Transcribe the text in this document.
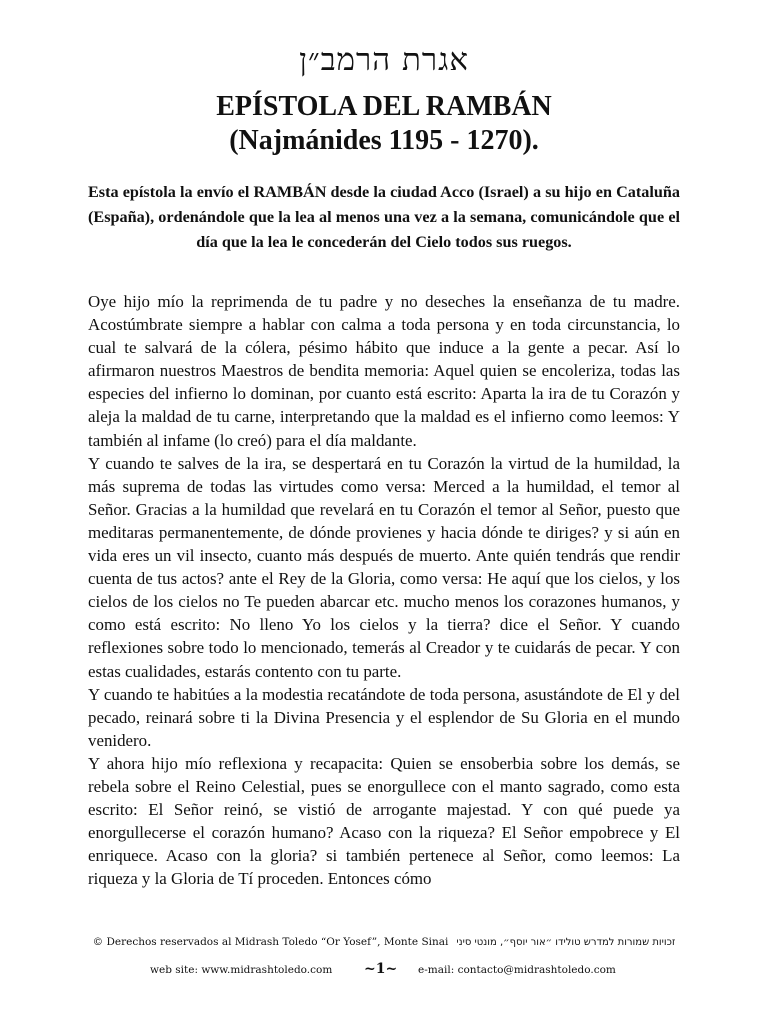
אגרת הרמב״ן
EPÍSTOLA DEL RAMBÁN
(Najmánides 1195 - 1270).

Esta epístola la envío el RAMBÁN desde la ciudad Acco (Israel) a su hijo en Cataluña (España), ordenándole que la lea al menos una vez a la semana, comunicándole que el día que la lea le concederán del Cielo todos sus ruegos.

Oye hijo mío la reprimenda de tu padre y no deseches la enseñanza de tu madre. Acostúmbrate siempre a hablar con calma a toda persona y en toda circunstancia, lo cual te salvará de la cólera, pésimo hábito que induce a la gente a pecar. Así lo afirmaron nuestros Maestros de bendita memoria: Aquel quien se encoleriza, todas las especies del infierno lo dominan, por cuanto está escrito: Aparta la ira de tu Corazón y aleja la maldad de tu carne, interpretando que la maldad es el infierno como leemos: Y también al infame (lo creó) para el día maldante.

Y cuando te salves de la ira, se despertará en tu Corazón la virtud de la humildad, la más suprema de todas las virtudes como versa: Merced a la humildad, el temor al Señor. Gracias a la humildad que revelará en tu Corazón el temor al Señor, puesto que meditaras permanentemente, de dónde provienes y hacia dónde te diriges? y si aún en vida eres un vil insecto, cuanto más después de muerto. Ante quién tendrás que rendir cuenta de tus actos? ante el Rey de la Gloria, como versa: He aquí que los cielos, y los cielos de los cielos no Te pueden abarcar etc. mucho menos los corazones humanos, y como está escrito: No lleno Yo los cielos y la tierra? dice el Señor. Y cuando reflexiones sobre todo lo mencionado, temerás al Creador y te cuidarás de pecar. Y con estas cualidades, estarás contento con tu parte.

Y cuando te habitúes a la modestia recatándote de toda persona, asustándote de El y del pecado, reinará sobre ti la Divina Presencia y el esplendor de Su Gloria en el mundo venidero.

Y ahora hijo mío reflexiona y recapacita: Quien se ensoberbia sobre los demás, se rebela sobre el Reino Celestial, pues se enorgullece con el manto sagrado, como esta escrito: El Señor reinó, se vistió de arrogante majestad. Y con qué puede ya enorgullecerse el corazón humano? Acaso con la riqueza? El Señor empobrece y El enriquece. Acaso con la gloria? si también pertenece al Señor, como leemos: La riqueza y la Gloria de Tí proceden. Entonces cómo

© Derechos reservados al Midrash Toledo “Or Yosef”, Monte Sinai זכויות שמורות למדרש טולידו ״אור יוסף״, מונטי סיני
web site: www.midrashtoledo.com ~1~ e-mail: contacto@midrashtoledo.com
